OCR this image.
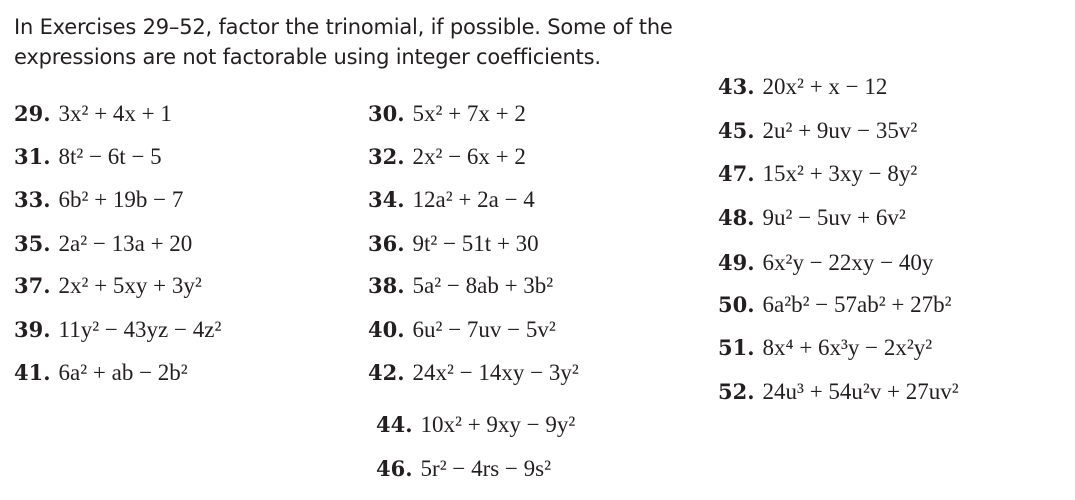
In Exercises 29–52, factor the trinomial, if possible. Some of the expressions are not factorable using integer coefficients.
29. 3x² + 4x + 1
31. 8t² − 6t − 5
33. 6b² + 19b − 7
35. 2a² − 13a + 20
37. 2x² + 5xy + 3y²
39. 11y² − 43yz − 4z²
41. 6a² + ab − 2b²
30. 5x² + 7x + 2
32. 2x² − 6x + 2
34. 12a² + 2a − 4
36. 9t² − 51t + 30
38. 5a² − 8ab + 3b²
40. 6u² − 7uv − 5v²
42. 24x² − 14xy − 3y²
44. 10x² + 9xy − 9y²
46. 5r² − 4rs − 9s²
43. 20x² + x − 12
45. 2u² + 9uv − 35v²
47. 15x² + 3xy − 8y²
48. 9u² − 5uv + 6v²
49. 6x²y − 22xy − 40y
50. 6a²b² − 57ab² + 27b²
51. 8x⁴ + 6x³y − 2x²y²
52. 24u³ + 54u²v + 27uv²
